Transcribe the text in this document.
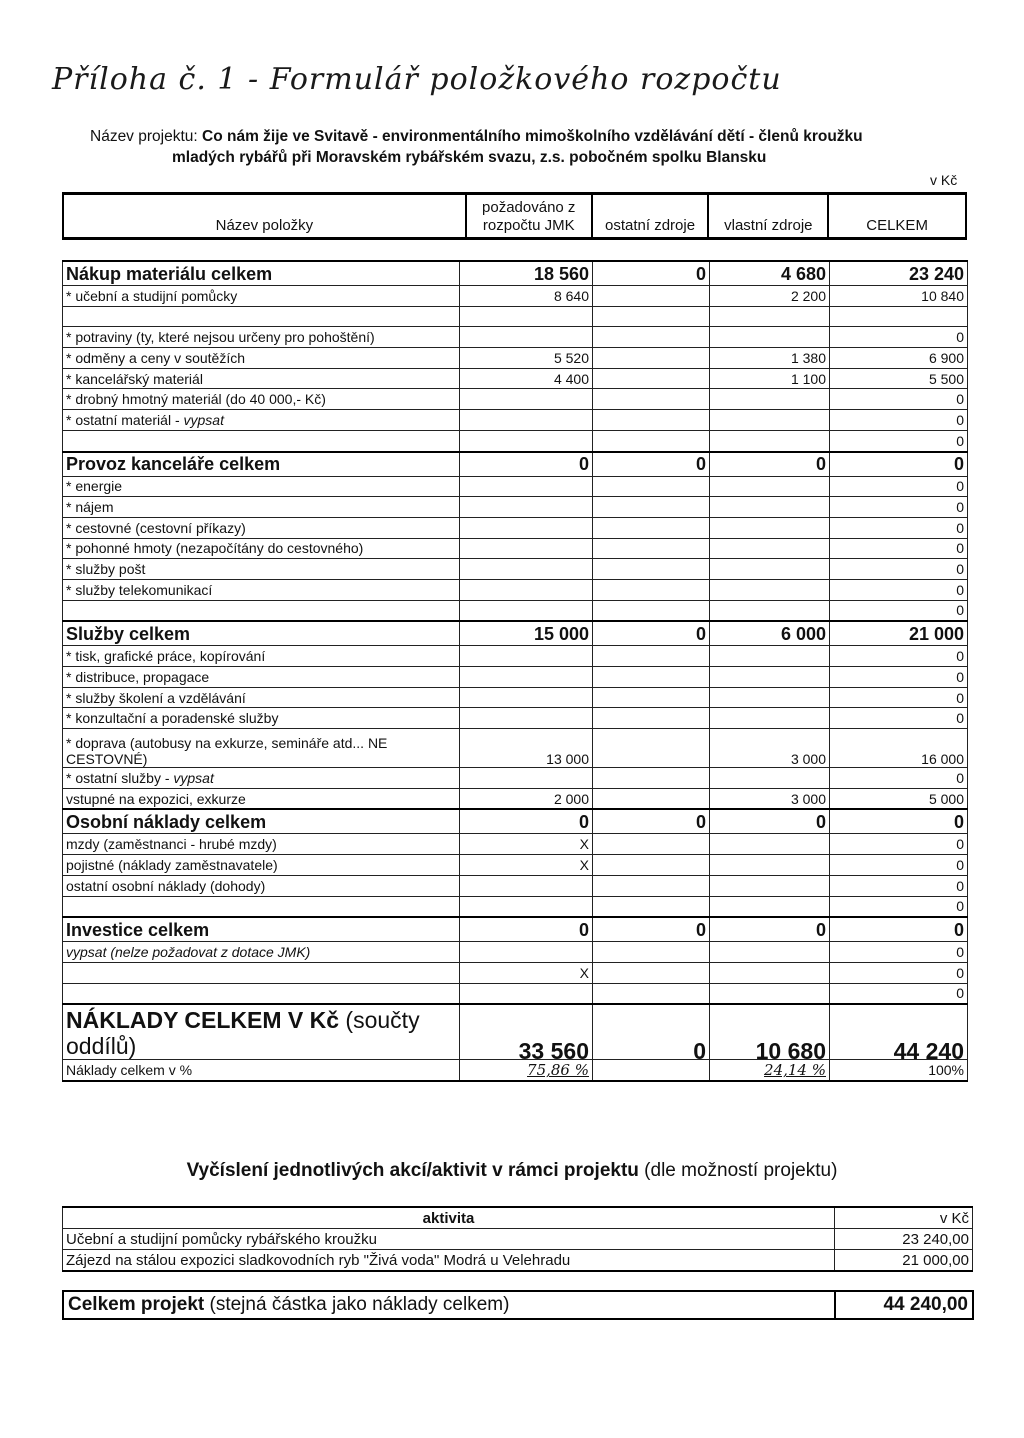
Příloha č. 1 - Formulář položkového rozpočtu
Název projektu: Co nám žije ve Svitavě - environmentálního mimoškolního vzdělávání dětí - členů kroužku
mladých rybářů při Moravském rybářském svazu, z.s. pobočném spolku Blansku
v Kč
Název položky	požadováno z rozpočtu JMK	ostatní zdroje	vlastní zdroje	CELKEM
Nákup materiálu celkem	18 560	0	4 680	23 240
* učební a studijní pomůcky	8 640		2 200	10 840

* potraviny (ty, které nejsou určeny pro pohoštění)				0
* odměny a ceny v soutěžích	5 520		1 380	6 900
* kancelářský materiál	4 400		1 100	5 500
* drobný hmotný materiál (do 40 000,- Kč)				0
* ostatní materiál - vypsat				0
				0
Provoz kanceláře celkem	0	0	0	0
* energie				0
* nájem				0
* cestovné (cestovní příkazy)				0
* pohonné hmoty (nezapočítány do cestovného)				0
* služby pošt				0
* služby telekomunikací				0
				0
Služby celkem	15 000	0	6 000	21 000
* tisk, grafické práce, kopírování				0
* distribuce, propagace				0
* služby školení a vzdělávání				0
* konzultační a poradenské služby				0
* doprava (autobusy na exkurze, semináře atd... NE CESTOVNÉ)	13 000		3 000	16 000
* ostatní služby - vypsat				0
vstupné na expozici, exkurze	2 000		3 000	5 000
Osobní náklady celkem	0	0	0	0
mzdy (zaměstnanci - hrubé mzdy)	X			0
pojistné (náklady zaměstnavatele)	X			0
ostatní osobní náklady (dohody)				0
				0
Investice celkem	0	0	0	0
vypsat (nelze požadovat z dotace JMK)				0
	X			0
				0
NÁKLADY CELKEM V Kč (součty oddílů)	33 560	0	10 680	44 240
Náklady celkem v %	75,86 %		24,14 %	100%
Vyčíslení jednotlivých akcí/aktivit v rámci projektu (dle možností projektu)
aktivita	v Kč
Učební a studijní pomůcky rybářského kroužku	23 240,00
Zájezd na stálou expozici sladkovodních ryb "Živá voda" Modrá u Velehradu	21 000,00
Celkem projekt (stejná částka jako náklady celkem)	44 240,00
